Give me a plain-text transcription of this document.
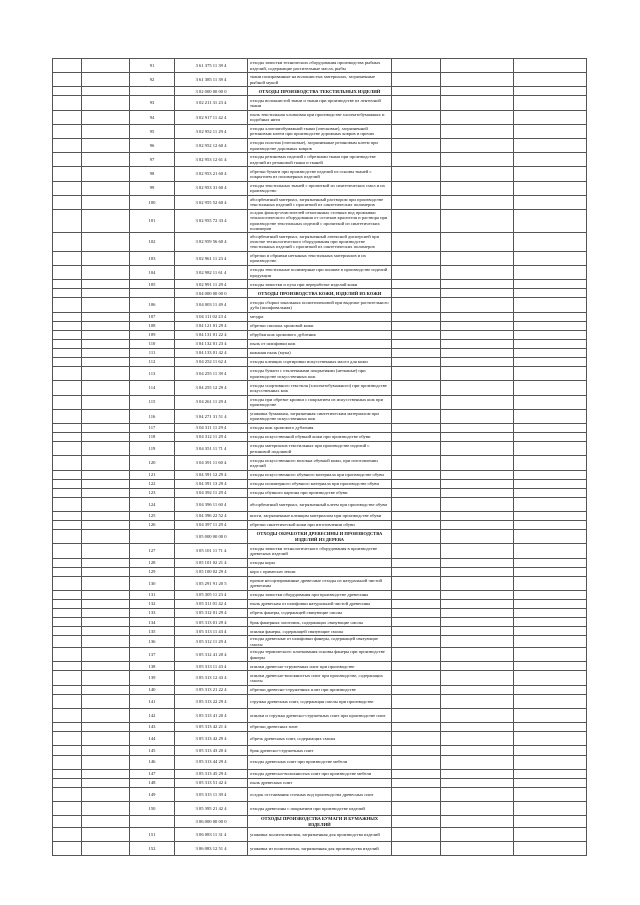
		91	3 61 375 11 39 4	отходы зачистки технических оборудования производства рыбных изделий, содержащие растительные масла, рыбы			
		92	3 61 385 11 39 4	ткани полированные на волокнистых материалах, загрязненные рыбной мукой			
			3 02 000 00 00 0	ОТХОДЫ ПРОИЗВОДСТВА ТЕКСТИЛЬНЫХ ИЗДЕЛИЙ			
		93	3 02 211 31 23 4	отходы волокнистой ткани и ткани при производстве из ленточной ткани			
		94	3 02 917 11 42 4	пыль текстильная хлопковая при производстве хлопчатобумажных и подобных нити			
		95	3 02 952 11 29 4	отходы хлопчатобумажной ткани (оческовые), загрязненной резиновым клеем при производстве дорожных ковров и прочих			
		96	3 02 952 12 60 4	отходы полотна (оческовые), загрязненные резиновым клеем при производстве дорожных ковров			
		97	3 02 953 12 61 4	отходы резиновых изделий с обрезками ткани при производстве изделий из резиновой ткани и тканей			
		98	3 02 953 21 60 4	обрезки бумаги при производстве изделий из основы тканей с покрытием из полимерных изделий			
		99	3 02 953 31 60 4	отходы текстильных тканей с пропиткой из синтетических смол и их производство			
		100	3 02 955 52 60 4	абсорбентный материал, загрязненный раствором при производстве текстильных изделий с пропиткой из синтетических полимеров			
		101	3 02 955 72 33 4	осадок фильтр-очистителей отмотанных сточных вод промывки технологического оборудования от остатков красителя и раствора при производстве текстильных изделий с пропиткой из синтетических полимеров			
		102	3 02 959 56 60 4	абсорбентный материал, загрязненный латексной дисперсией при очистке технологического оборудования при производстве текстильных изделий с пропиткой из синтетических полимеров			
		103	3 02 961 11 23 4	обрезки и обрывки нетканых текстильных материалов и их производство			
		104	3 02 982 11 61 4	отходы текстильные полимерные при пошиве в производстве изделий продукции			
		105	3 02 991 11 29 4	отходы зачистки и пуха при переработке изделий кожи			
			3 04 000 00 00 0	ОТХОДЫ ПРОИЗВОДСТВА КОЖИ, ИЗДЕЛИЙ ИЗ КОЖИ			
		106	3 04 003 11 49 4	отходы сборки зональных полиэтиленовой при выделке растительного дуба (шлифовальная)			
		107	3 04 111 02 23 4	мездра			
		108	3 04 121 01 29 4	обрезки спилока хромовой кожи			
		109	3 04 131 01 22 4	обрубки кож хромового дубления			
		110	3 04 132 01 23 4	пыль от шлифовки кож			
		111	3 04 133 01 42 4	кожаная пыль (мука)			
		112	3 04 252 11 62 4	отходы клеящих сортировки искусственных масел для кожи			
		113	3 04 255 11 39 4	отходы бумаги с отклеенными покрытиями (нетканые) при производстве искусственных кож			
		114	3 04 255 12 29 4	отходы спортивного текстиля (хлопчатобумажного) при производстве искусственных кож			
		115	3 04 261 11 29 4	отходы при обрезке кромки с покрытием из искусственных кож при производстве			
		116	3 04 271 31 51 4	упаковка бумажная, загрязненная синтетическим материалом при производстве искусственных кож			
		117	3 04 311 11 29 4	отходы кож хромового дубления			
		118	3 04 312 11 29 4	отходы искусственной обувной кожи при производстве обуви			
		119	3 04 351 11 71 4	отходы материалов текстильных при производстве изделий с резиновой подошвой			
		120	3 04 391 11 60 4	отходы искусственного волокна обувной кожи, при изготовлении изделий			
		121	3 04 391 12 29 4	отходы искусственного обувного материала при производстве обуви			
		122	3 04 391 13 29 4	отходы полимерного обувного материала при производстве обуви			
		123	3 04 392 11 29 4	отходы обувного картона при производстве обуви			
		124	3 04 396 11 60 4	абсорбентный материал, загрязненный клеем при производстве обуви			
		125	3 04 396 22 52 4	кисти, загрязненные клеящим материалом при производстве обуви			
		126	3 04 397 11 29 4	обрезки синтетической кожи при изготовлении обуви			
			3 05 000 00 00 0	ОТХОДЫ ОБРАБОТКИ ДРЕВЕСИНЫ И ПРОИЗВОДСТВА ИЗДЕЛИЙ ИЗ ДЕРЕВА			
		127	3 05 101 11 71 4	отходы зачистки технологического оборудования в производстве древесных изделий			
		128	3 05 101 02 21 4	отходы коры			
		129	3 05 100 02 29 4	кора с примесью земли			
		130	3 05 291 91 20 5	прочие несортированные древесные отходы из натуральной чистой древесины			
		131	3 05 305 11 23 4	отходы зачистки оборудования при производстве древесины			
		132	3 05 311 01 42 4	пыль древесная от шлифовки натуральной чистой древесины			
		133	3 05 312 01 29 4	обрезь фанеры, содержащей связующие смолы			
		134	3 05 313 01 29 4	брак фанерных заготовок, содержащих связующие смолы			
		135	3 05 313 11 43 4	опилки фанеры, содержащей связующие смолы			
		136	3 05 312 11 29 4	отходы древесные от шлифовки фанеры, содержащей связующие смолы			
		137	3 05 312 41 20 4	отходы термического плиткования основы фанеры при производстве фанеры			
		138	3 05 313 11 43 4	опилки древесно-стружечных плит при производстве			
		139	3 05 313 12 43 4	опилки древесно-волокнистых плит при производстве, содержащих смолы			
		140	3 05 313 21 22 4	обрезки древесно-стружечных плит при производстве			
		141	3 05 313 22 29 4	стружка древесных плит, содержащая смолы при производстве			
		142	3 05 313 41 20 4	опилки и стружка древесно-стружечных плит при производстве плит			
		143	3 05 313 42 21 4	обрезки древесных плит			
		144	3 05 313 42 29 4	обрезь древесных плит, содержащих смолы			
		145	3 05 313 43 20 4	брак древесно-стружечных плит			
		146	3 05 313 44 29 4	отходы древесных плит при производстве мебели			
		147	3 05 313 45 29 4	отходы древесно-волокнистых плит при производстве мебели			
		148	3 05 313 51 42 4	пыль древесных плит			
		149	3 05 315 11 39 4	осадок отстаивания сточных вод производства древесных плит			
		150	3 05 395 21 42 4	отходы древесины с покрытием при производстве изделий			
			3 06 000 00 00 0	ОТХОДЫ ПРОИЗВОДСТВА БУМАГИ И БУМАЖНЫХ ИЗДЕЛИЙ			
		151	3 06 083 11 31 4	упаковка полиэтиленовая, загрязненная для производства изделий			
		152	3 06 083 12 51 4	упаковка из полиэтилена, загрязненная для производства изделий			
